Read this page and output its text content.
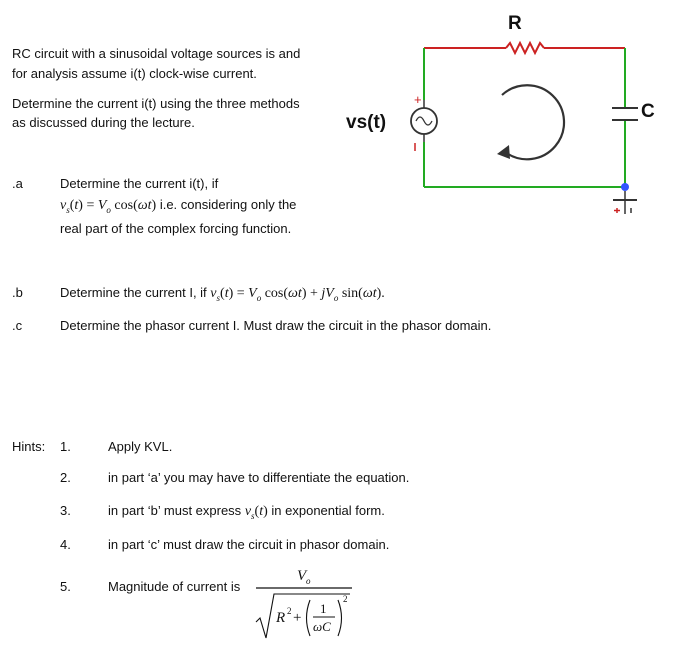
RC circuit with a sinusoidal voltage sources is and
for analysis assume i(t) clock-wise current.
Determine the current i(t) using the three methods
as discussed during the lecture.
+
R
C
vs(t)
.a	Determine the current i(t), if
$v_s(t) = V_o$ cos(ωt) i.e. considering only the
real part of the complex forcing function.
.b	Determine the current I, if $v_s(t) = V_o$ $\cos(\omega t) + jV_o$ sin(ωt).
.c	Determine the phasor current I. Must draw the circuit in the phasor domain.
Hints: 1.	Apply KVL.
2.	in part ‘a’ you may have to differentiate the equation.
3.	in part ‘b’ must express $v_s(t)$ in exponential form.
4.	in part ‘c’ must draw the circuit in phasor domain.
5.	Magnitude of current is
V o
R 2 +
1
ωC
2
